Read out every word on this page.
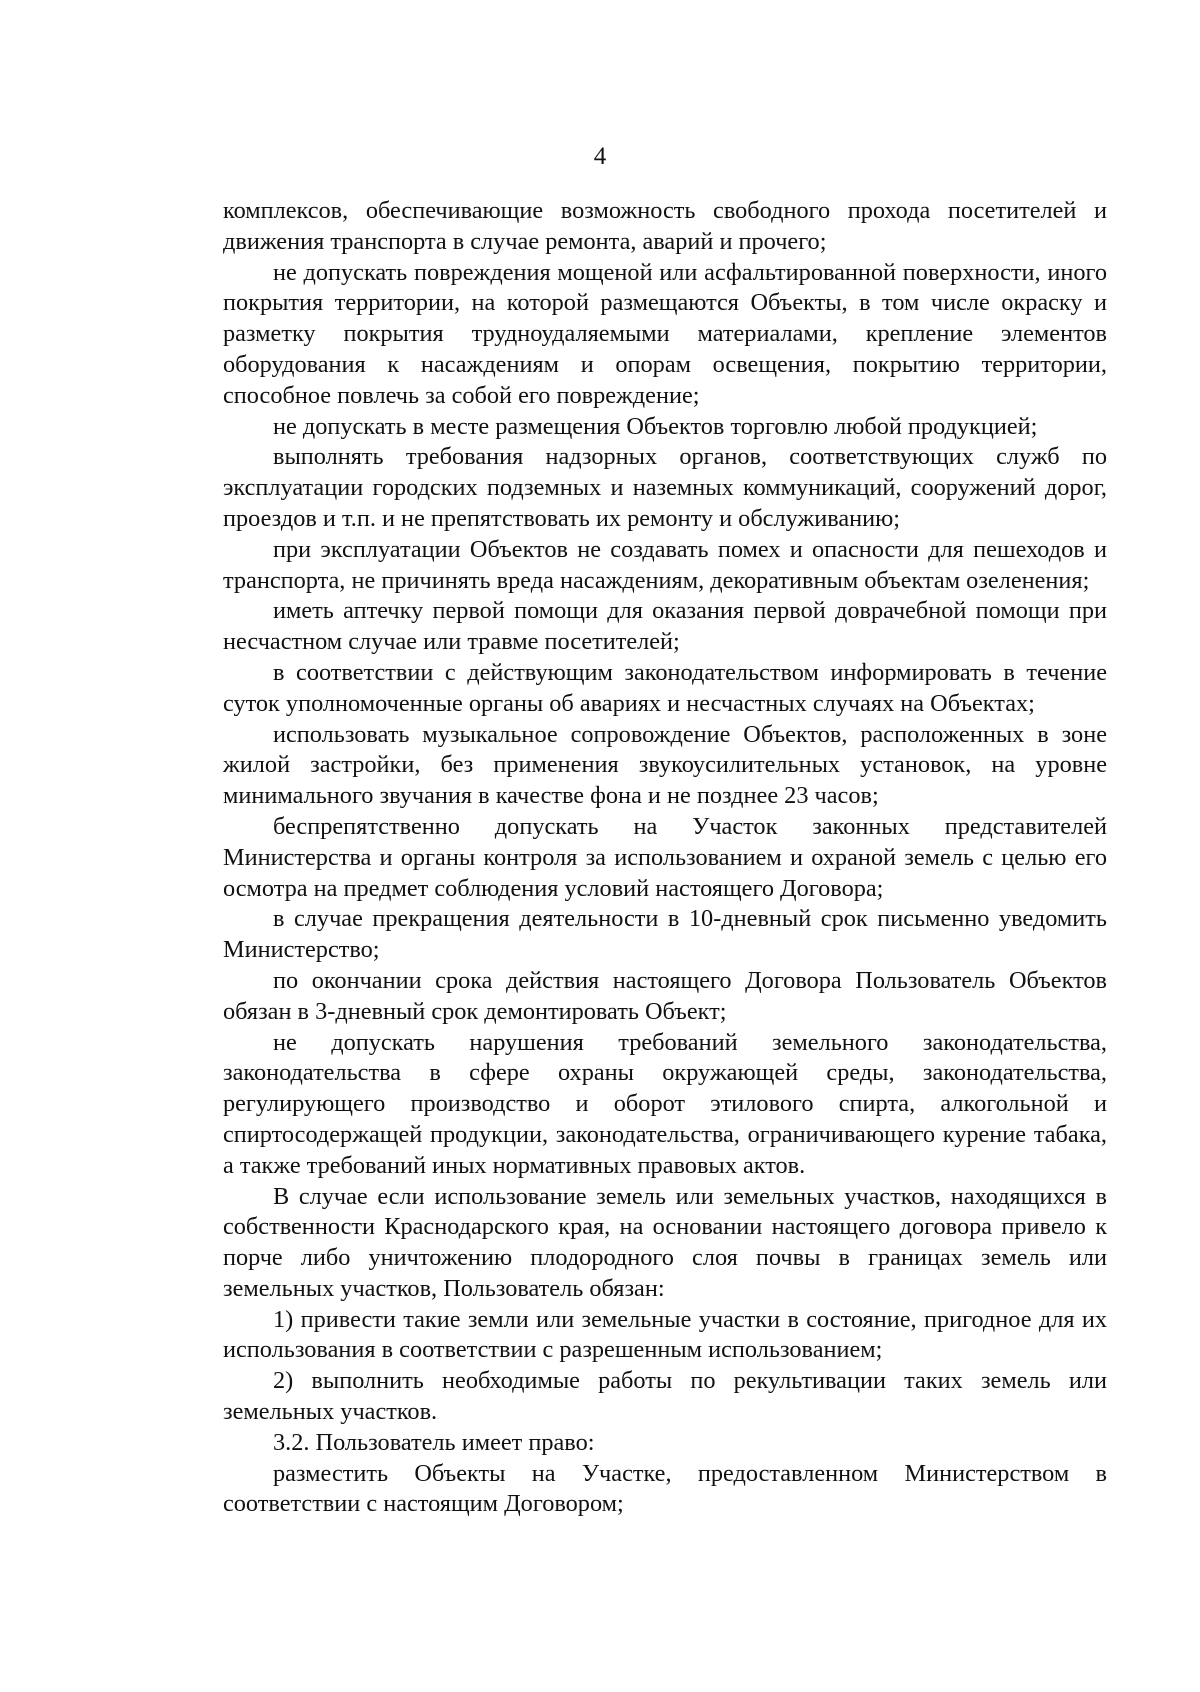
4

комплексов, обеспечивающие возможность свободного прохода посетителей и движения транспорта в случае ремонта, аварий и прочего;

не допускать повреждения мощеной или асфальтированной поверхности, иного покрытия территории, на которой размещаются Объекты, в том числе окраску и разметку покрытия трудноудаляемыми материалами, крепление элементов оборудования к насаждениям и опорам освещения, покрытию территории, способное повлечь за собой его повреждение;

не допускать в месте размещения Объектов торговлю любой продукцией;

выполнять требования надзорных органов, соответствующих служб по эксплуатации городских подземных и наземных коммуникаций, сооружений дорог, проездов и т.п. и не препятствовать их ремонту и обслуживанию;

при эксплуатации Объектов не создавать помех и опасности для пешеходов и транспорта, не причинять вреда насаждениям, декоративным объектам озеленения;

иметь аптечку первой помощи для оказания первой доврачебной помощи при несчастном случае или травме посетителей;

в соответствии с действующим законодательством информировать в течение суток уполномоченные органы об авариях и несчастных случаях на Объектах;

использовать музыкальное сопровождение Объектов, расположенных в зоне жилой застройки, без применения звукоусилительных установок, на уровне минимального звучания в качестве фона и не позднее 23 часов;

беспрепятственно допускать на Участок законных представителей Министерства и органы контроля за использованием и охраной земель с целью его осмотра на предмет соблюдения условий настоящего Договора;

в случае прекращения деятельности в 10-дневный срок письменно уведомить Министерство;

по окончании срока действия настоящего Договора Пользователь Объектов обязан в 3-дневный срок демонтировать Объект;

не допускать нарушения требований земельного законодательства, законодательства в сфере охраны окружающей среды, законодательства, регулирующего производство и оборот этилового спирта, алкогольной и спиртосодержащей продукции, законодательства, ограничивающего курение табака, а также требований иных нормативных правовых актов.

В случае если использование земель или земельных участков, находящихся в собственности Краснодарского края, на основании настоящего договора привело к порче либо уничтожению плодородного слоя почвы в границах земель или земельных участков, Пользователь обязан:

1) привести такие земли или земельные участки в состояние, пригодное для их использования в соответствии с разрешенным использованием;

2) выполнить необходимые работы по рекультивации таких земель или земельных участков.

3.2. Пользователь имеет право:

разместить Объекты на Участке, предоставленном Министерством в соответствии с настоящим Договором;
